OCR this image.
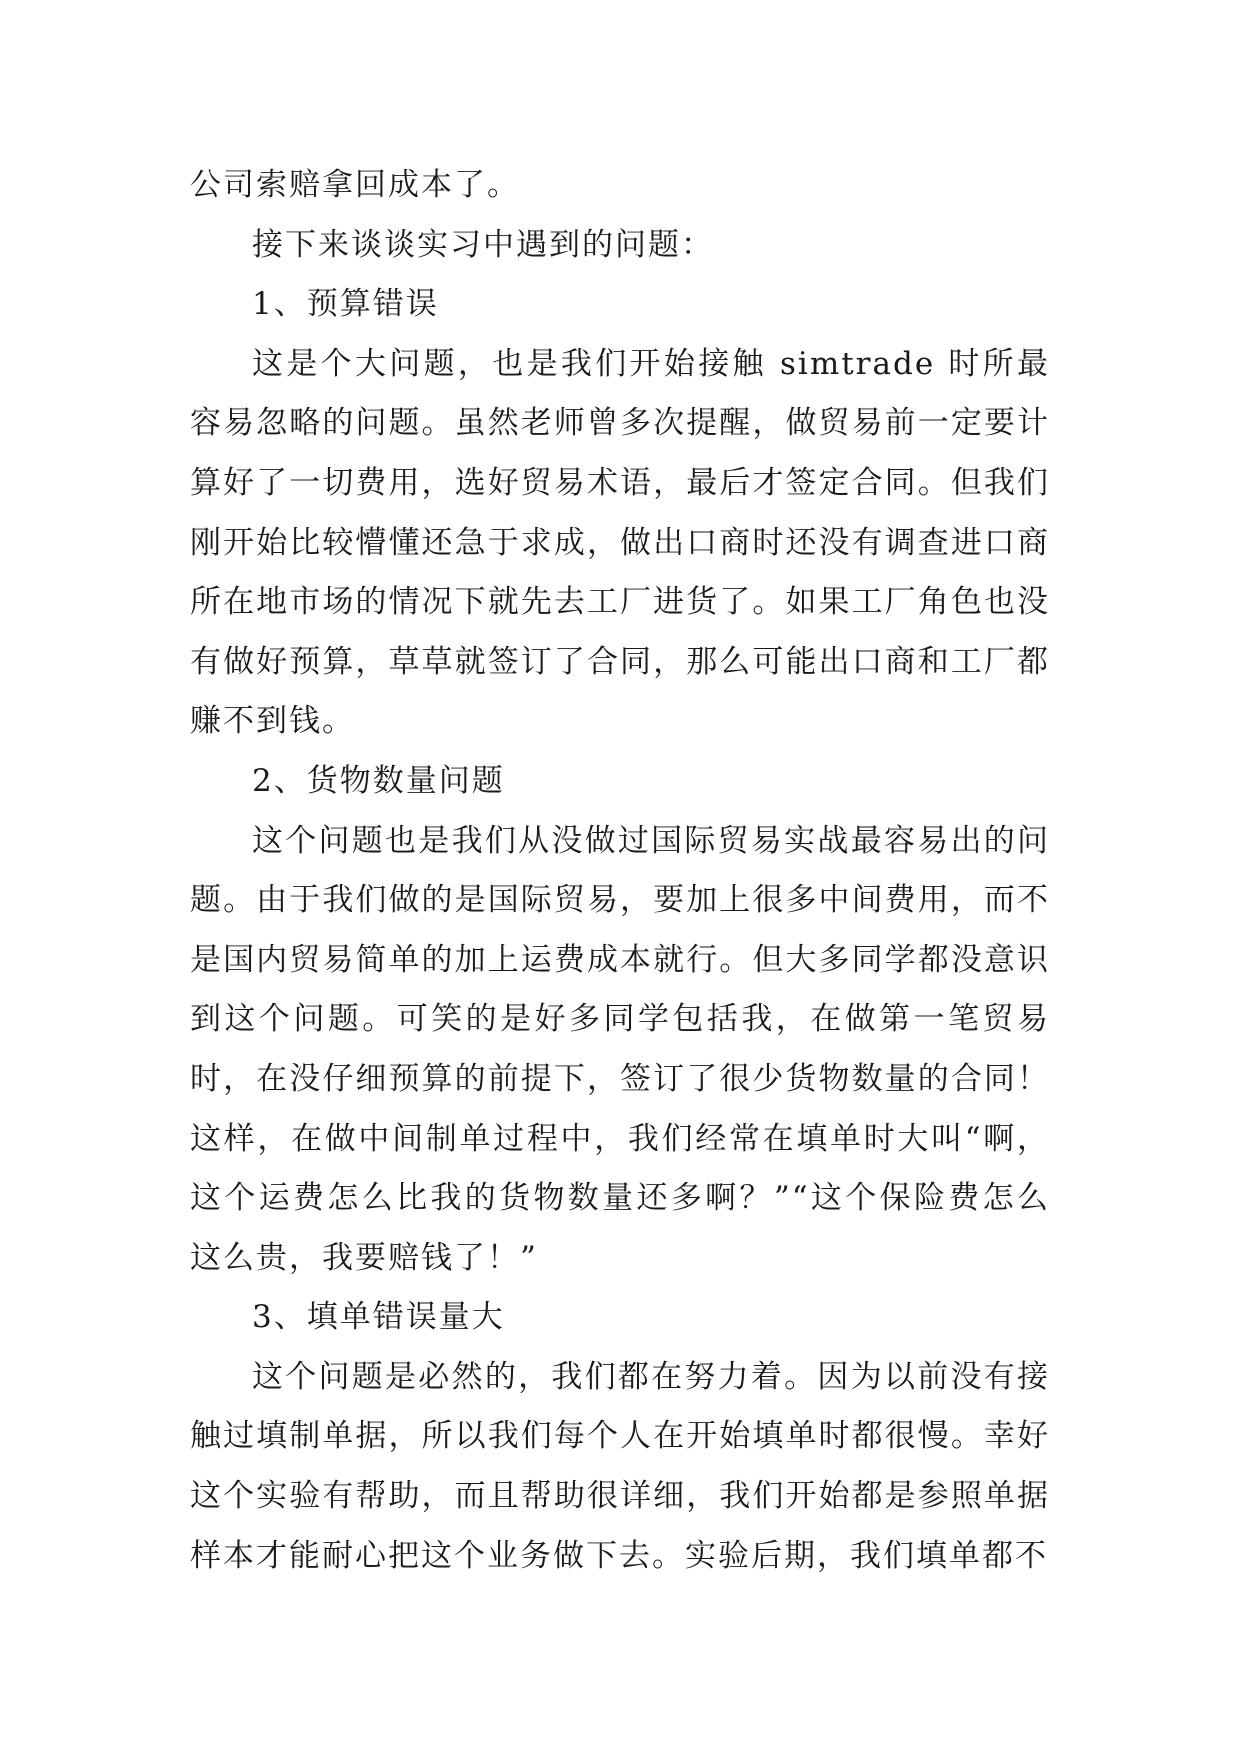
公司索赔拿回成本了。

接下来谈谈实习中遇到的问题：

1、预算错误

这是个大问题，也是我们开始接触 simtrade 时所最容易忽略的问题。虽然老师曾多次提醒，做贸易前一定要计算好了一切费用，选好贸易术语，最后才签定合同。但我们刚开始比较懵懂还急于求成，做出口商时还没有调查进口商所在地市场的情况下就先去工厂进货了。如果工厂角色也没有做好预算，草草就签订了合同，那么可能出口商和工厂都赚不到钱。

2、货物数量问题

这个问题也是我们从没做过国际贸易实战最容易出的问题。由于我们做的是国际贸易，要加上很多中间费用，而不是国内贸易简单的加上运费成本就行。但大多同学都没意识到这个问题。可笑的是好多同学包括我，在做第一笔贸易时，在没仔细预算的前提下，签订了很少货物数量的合同！这样，在做中间制单过程中，我们经常在填单时大叫“啊，这个运费怎么比我的货物数量还多啊？”“这个保险费怎么这么贵，我要赔钱了！”

3、填单错误量大

这个问题是必然的，我们都在努力着。因为以前没有接触过填制单据，所以我们每个人在开始填单时都很慢。幸好这个实验有帮助，而且帮助很详细，我们开始都是参照单据样本才能耐心把这个业务做下去。实验后期，我们填单都不
